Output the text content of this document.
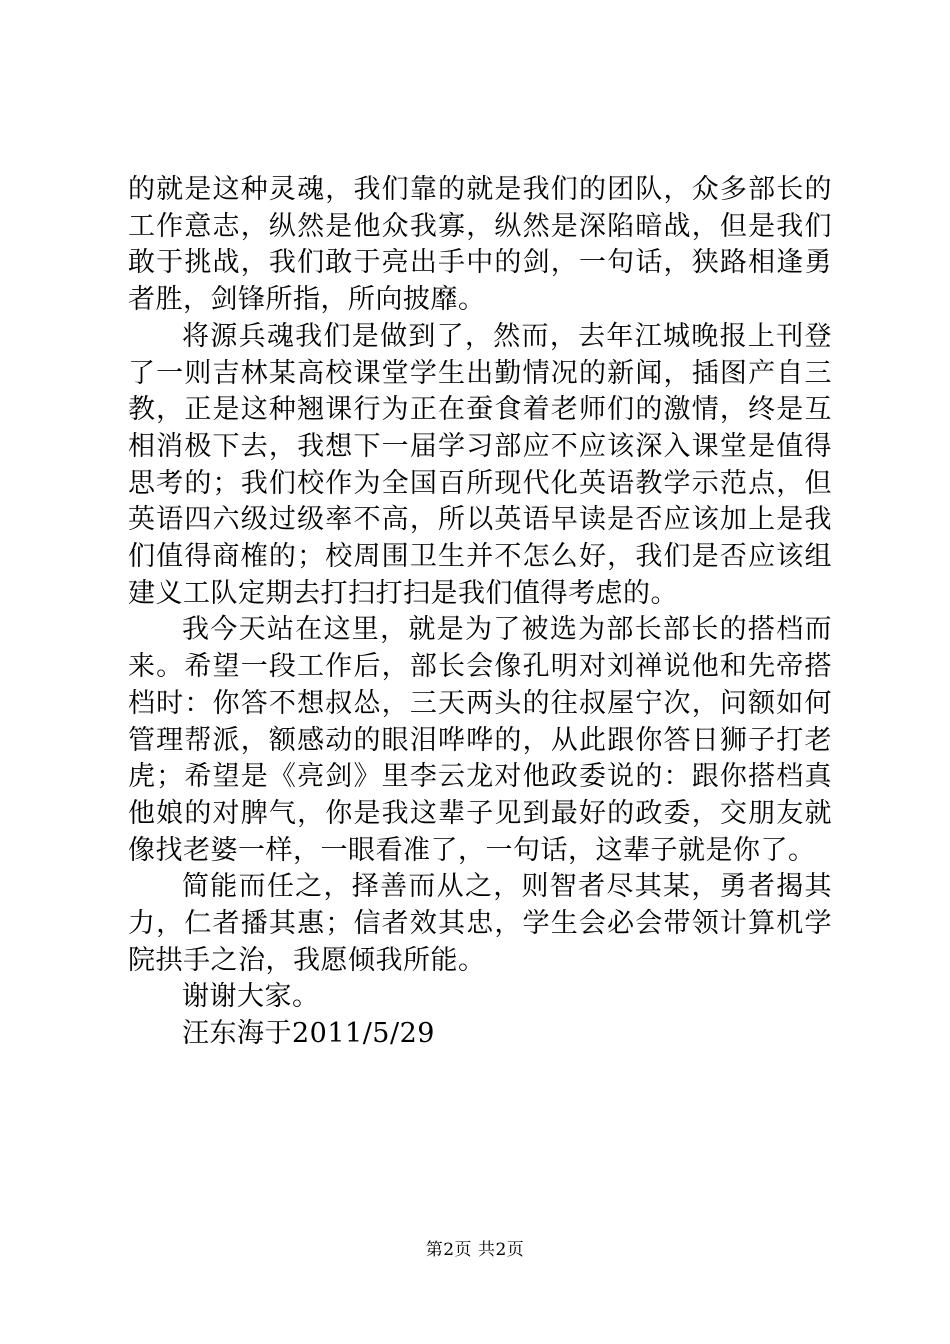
的就是这种灵魂，我们靠的就是我们的团队，众多部长的工作意志，纵然是他众我寡，纵然是深陷暗战，但是我们敢于挑战，我们敢于亮出手中的剑，一句话，狭路相逢勇者胜，剑锋所指，所向披靡。

将源兵魂我们是做到了，然而，去年江城晚报上刊登了一则吉林某高校课堂学生出勤情况的新闻，插图产自三教，正是这种翘课行为正在蚕食着老师们的激情，终是互相消极下去，我想下一届学习部应不应该深入课堂是值得思考的；我们校作为全国百所现代化英语教学示范点，但英语四六级过级率不高，所以英语早读是否应该加上是我们值得商榷的；校周围卫生并不怎么好，我们是否应该组建义工队定期去打扫打扫是我们值得考虑的。

我今天站在这里，就是为了被选为部长部长的搭档而来。希望一段工作后，部长会像孔明对刘禅说他和先帝搭档时：你答不想叔怂，三天两头的往叔屋宁次，问额如何管理帮派，额感动的眼泪哗哗的，从此跟你答日狮子打老虎；希望是《亮剑》里李云龙对他政委说的：跟你搭档真他娘的对脾气，你是我这辈子见到最好的政委，交朋友就像找老婆一样，一眼看准了，一句话，这辈子就是你了。

简能而任之，择善而从之，则智者尽其某，勇者揭其力，仁者播其惠；信者效其忠，学生会必会带领计算机学院拱手之治，我愿倾我所能。

谢谢大家。

汪东海于2011/5/29

第2页 共2页
